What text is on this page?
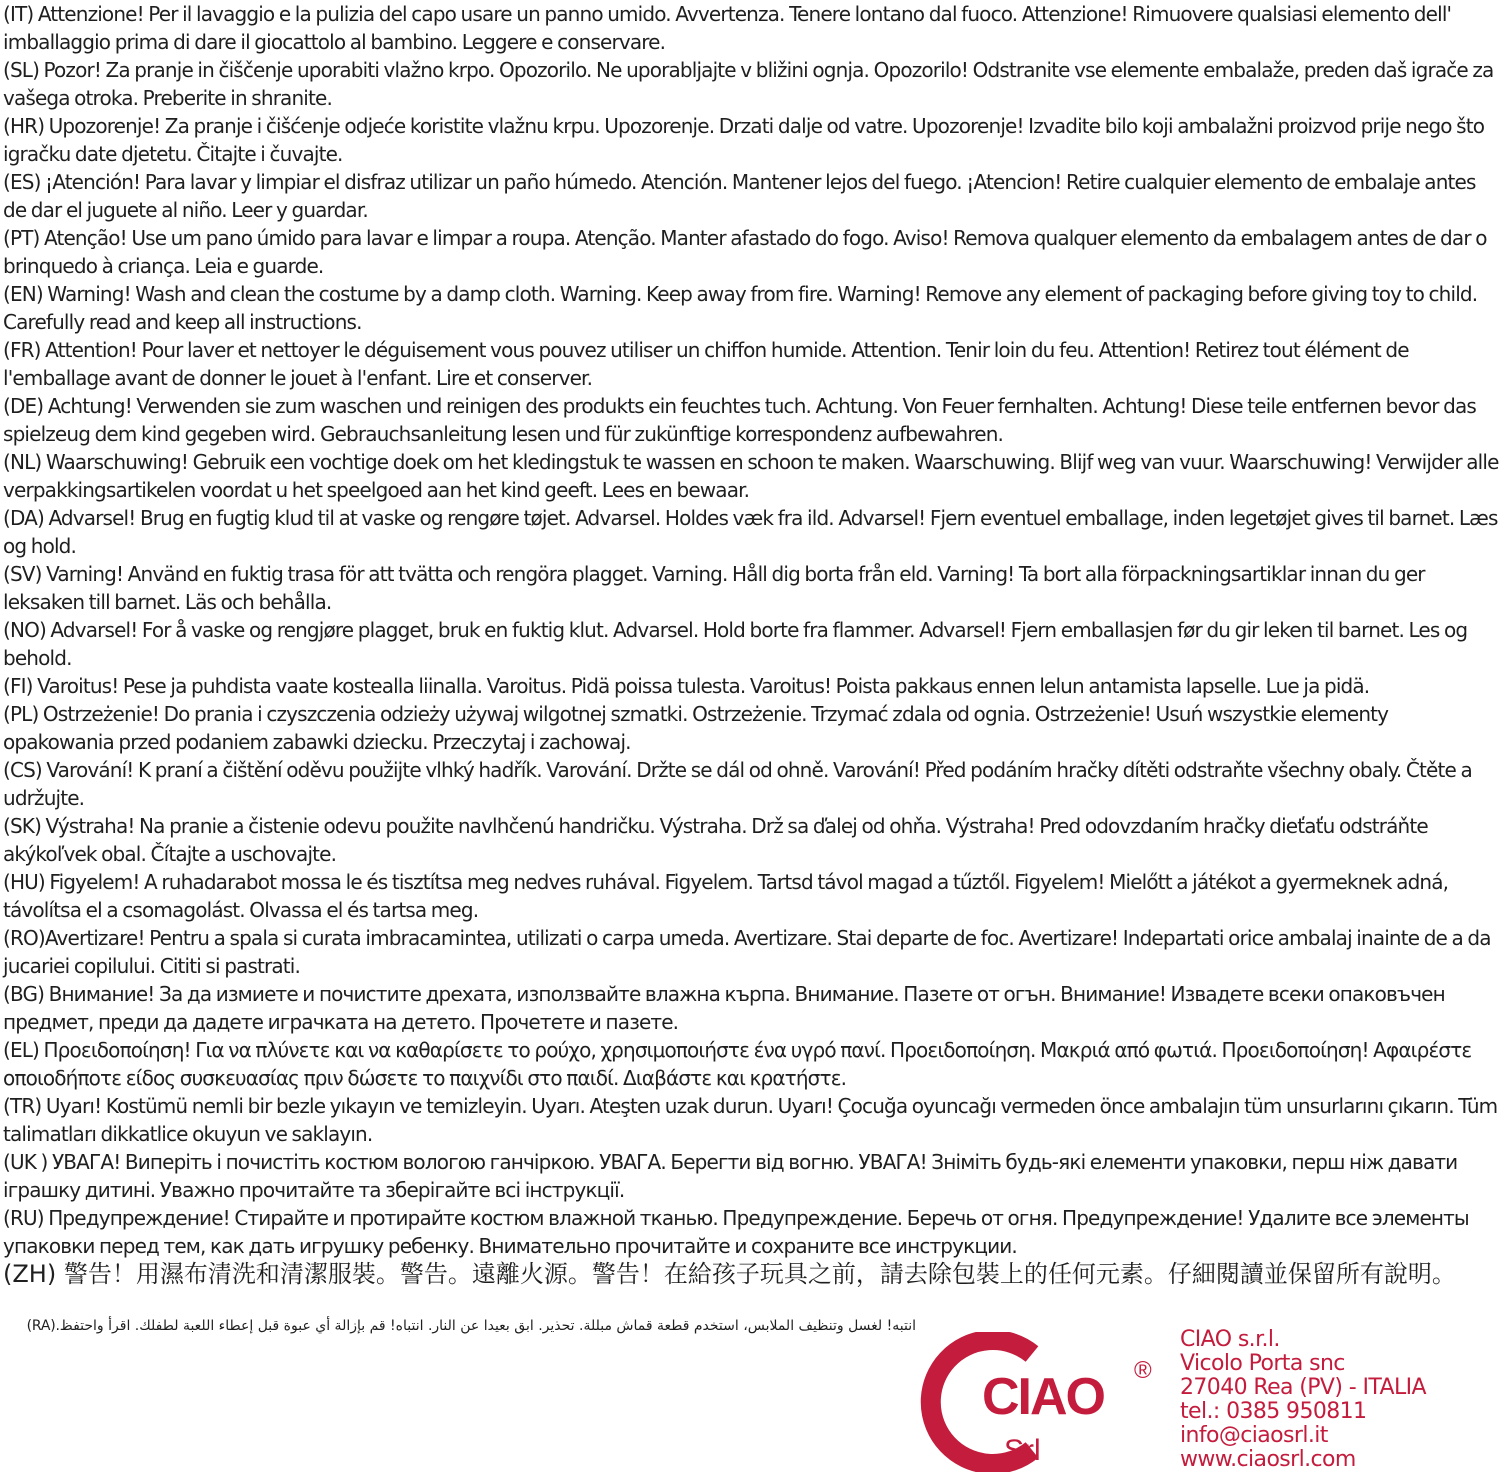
(IT) Attenzione! Per il lavaggio e la pulizia del capo usare un panno umido. Avvertenza. Tenere lontano dal fuoco. Attenzione! Rimuovere qualsiasi elemento dell' imballaggio prima di dare il giocattolo al bambino. Leggere e conservare.
(SL) Pozor! Za pranje in čiščenje uporabiti vlažno krpo. Opozorilo. Ne uporabljajte v bližini ognja. Opozorilo! Odstranite vse elemente embalaže, preden daš igrače za vašega otroka. Preberite in shranite.
(HR) Upozorenje! Za pranje i čišćenje odjeće koristite vlažnu krpu. Upozorenje. Drzati dalje od vatre. Upozorenje! Izvadite bilo koji ambalažni proizvod prije nego što igračku date djetetu. Čitajte i čuvajte.
(ES) ¡Atención! Para lavar y limpiar el disfraz utilizar un paño húmedo. Atención. Mantener lejos del fuego. ¡Atencion! Retire cualquier elemento de embalaje antes de dar el juguete al niño. Leer y guardar.
(PT) Atenção! Use um pano úmido para lavar e limpar a roupa. Atenção. Manter afastado do fogo. Aviso! Remova qualquer elemento da embalagem antes de dar o brinquedo à criança. Leia e guarde.
(EN) Warning! Wash and clean the costume by a damp cloth. Warning. Keep away from fire. Warning! Remove any element of packaging before giving toy to child. Carefully read and keep all instructions.
(FR) Attention! Pour laver et nettoyer le déguisement vous pouvez utiliser un chiffon humide. Attention. Tenir loin du feu. Attention! Retirez tout élément de l'emballage avant de donner le jouet à l'enfant. Lire et conserver.
(DE) Achtung! Verwenden sie zum waschen und reinigen des produkts ein feuchtes tuch. Achtung. Von Feuer fernhalten. Achtung! Diese teile entfernen bevor das spielzeug dem kind gegeben wird. Gebrauchsanleitung lesen und für zukünftige korrespondenz aufbewahren.
(NL) Waarschuwing! Gebruik een vochtige doek om het kledingstuk te wassen en schoon te maken. Waarschuwing. Blijf weg van vuur. Waarschuwing! Verwijder alle verpakkingsartikelen voordat u het speelgoed aan het kind geeft. Lees en bewaar.
(DA) Advarsel! Brug en fugtig klud til at vaske og rengøre tøjet. Advarsel. Holdes væk fra ild. Advarsel! Fjern eventuel emballage, inden legetøjet gives til barnet. Læs og hold.
(SV) Varning! Använd en fuktig trasa för att tvätta och rengöra plagget. Varning. Håll dig borta från eld. Varning! Ta bort alla förpackningsartiklar innan du ger leksaken till barnet. Läs och behålla.
(NO) Advarsel! For å vaske og rengjøre plagget, bruk en fuktig klut. Advarsel. Hold borte fra flammer. Advarsel! Fjern emballasjen før du gir leken til barnet. Les og behold.
(FI) Varoitus! Pese ja puhdista vaate kostealla liinalla. Varoitus. Pidä poissa tulesta. Varoitus! Poista pakkaus ennen lelun antamista lapselle. Lue ja pidä.
(PL) Ostrzeżenie! Do prania i czyszczenia odzieży używaj wilgotnej szmatki. Ostrzeżenie. Trzymać zdala od ognia. Ostrzeżenie! Usuń wszystkie elementy opakowania przed podaniem zabawki dziecku. Przeczytaj i zachowaj.
(CS) Varování! K praní a čištění oděvu použijte vlhký hadřík. Varování. Držte se dál od ohně. Varování! Před podáním hračky dítěti odstraňte všechny obaly. Čtěte a udržujte.
(SK) Výstraha! Na pranie a čistenie odevu použite navlhčenú handričku. Výstraha. Drž sa ďalej od ohňa. Výstraha! Pred odovzdaním hračky dieťaťu odstráňte akýkoľvek obal. Čítajte a uschovajte.
(HU) Figyelem! A ruhadarabot mossa le és tisztítsa meg nedves ruhával. Figyelem. Tartsd távol magad a tűztől. Figyelem! Mielőtt a játékot a gyermeknek adná, távolítsa el a csomagolást. Olvassa el és tartsa meg.
(RO)Avertizare! Pentru a spala si curata imbracamintea, utilizati o carpa umeda. Avertizare. Stai departe de foc. Avertizare! Indepartati orice ambalaj inainte de a da jucariei copilului. Cititi si pastrati.
(BG) Внимание! За да измиете и почистите дрехата, използвайте влажна кърпа. Внимание. Пазете от огън. Внимание! Извадете всеки опаковъчен предмет, преди да дадете играчката на детето. Прочетете и пазете.
(EL) Προειδοποίηση! Για να πλύνετε και να καθαρίσετε το ρούχο, χρησιμοποιήστε ένα υγρό πανί. Προειδοποίηση. Μακριά από φωτιά. Προειδοποίηση! Αφαιρέστε οποιοδήποτε είδος συσκευασίας πριν δώσετε το παιχνίδι στο παιδί. Διαβάστε και κρατήστε.
(TR) Uyarı! Kostümü nemli bir bezle yıkayın ve temizleyin. Uyarı. Ateşten uzak durun. Uyarı! Çocuğa oyuncağı vermeden önce ambalajın tüm unsurlarını çıkarın. Tüm talimatları dikkatlice okuyun ve saklayın.
(UK ) УВАГА! Виперіть і почистіть костюм вологою ганчіркою. УВАГА. Берегти від вогню. УВАГА! Зніміть будь-які елементи упаковки, перш ніж давати іграшку дитині. Уважно прочитайте та зберігайте всі інструкції.
(RU) Предупреждение! Стирайте и протирайте костюм влажной тканью. Предупреждение. Беречь от огня. Предупреждение! Удалите все элементы упаковки перед тем, как дать игрушку ребенку. Внимательно прочитайте и сохраните все инструкции.
(ZH) 警告！用濕布清洗和清潔服裝。警告。遠離火源。警告！在給孩子玩具之前，請去除包裝上的任何元素。仔細閱讀並保留所有說明。
(RA).انتبه! لغسل وتنظيف الملابس، استخدم قطعة قماش مبللة. تحذير. ابق بعيدا عن النار. انتباه! قم بإزالة أي عبوة قبل إعطاء اللعبة لطفلك. اقرأ واحتفظ
CIAO
Srl
®
CIAO s.r.l.
Vicolo Porta snc
27040 Rea (PV) - ITALIA
tel.: 0385 950811
info@ciaosrl.it
www.ciaosrl.com
